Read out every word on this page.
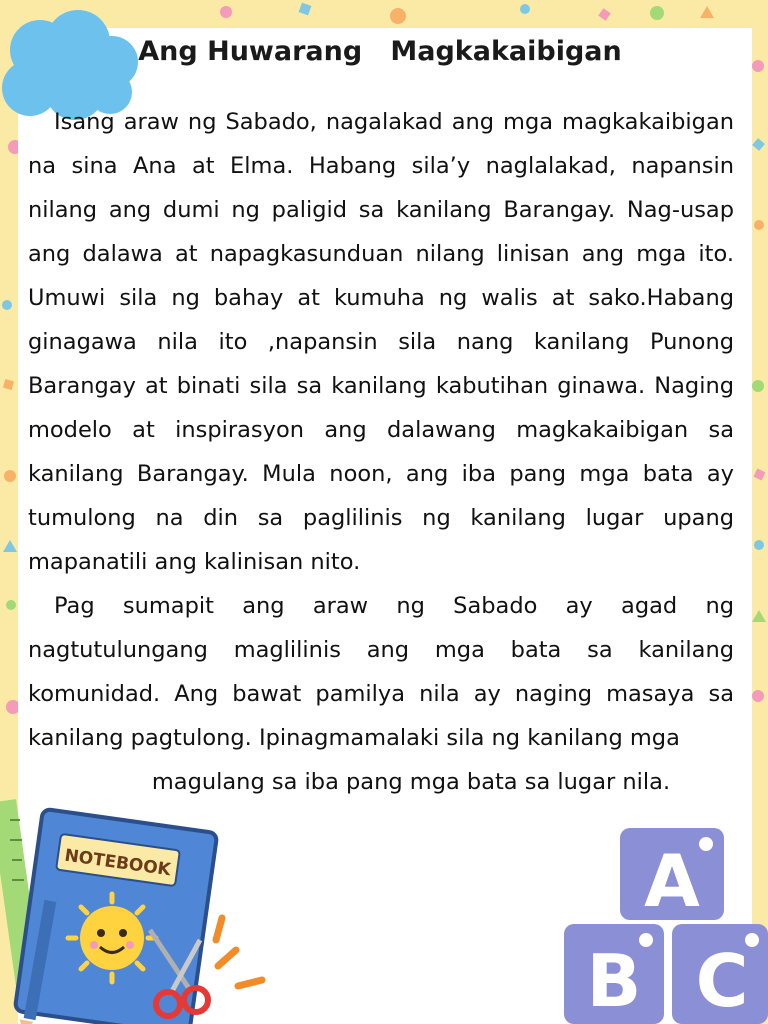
Ang Huwarang   Magkakaibigan

Isang araw ng Sabado, nagalakad ang mga magkakaibigan na sina Ana at Elma. Habang sila’y naglalakad, napansin nilang ang dumi ng paligid sa kanilang Barangay. Nag-usap ang dalawa at napagkasunduan nilang linisan ang mga ito. Umuwi sila ng bahay at kumuha ng walis at sako.Habang ginagawa nila ito ,napansin sila nang kanilang Punong Barangay at binati sila sa kanilang kabutihan ginawa. Naging modelo at inspirasyon ang dalawang magkakaibigan sa kanilang Barangay. Mula noon, ang iba pang mga bata ay tumulong na din sa paglilinis ng kanilang lugar upang mapanatili ang kalinisan nito.

Pag sumapit ang araw ng Sabado ay agad ng nagtutulungang maglilinis ang mga bata sa kanilang komunidad. Ang bawat pamilya nila ay naging masaya sa kanilang pagtulong. Ipinagmamalaki sila ng kanilang mga

magulang sa iba pang mga bata sa lugar nila.

NOTEBOOK	A
B C
